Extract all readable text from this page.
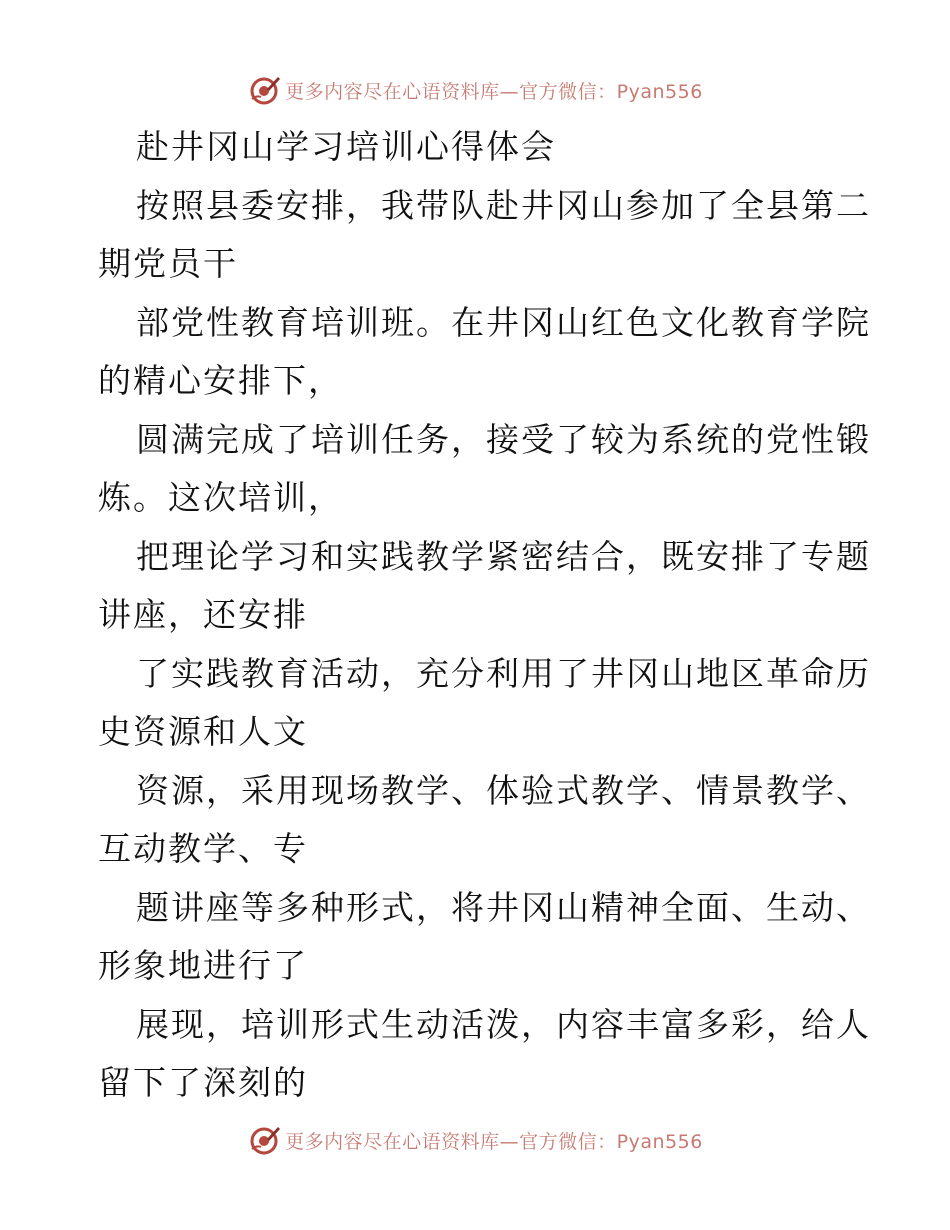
更多内容尽在心语资料库—官方微信：Pyan556
赴井冈山学习培训心得体会
按照县委安排，我带队赴井冈山参加了全县第二
期党员干
部党性教育培训班。在井冈山红色文化教育学院
的精心安排下，
圆满完成了培训任务，接受了较为系统的党性锻
炼。这次培训，
把理论学习和实践教学紧密结合，既安排了专题
讲座，还安排
了实践教育活动，充分利用了井冈山地区革命历
史资源和人文
资源，采用现场教学、体验式教学、情景教学、
互动教学、专
题讲座等多种形式，将井冈山精神全面、生动、
形象地进行了
展现，培训形式生动活泼，内容丰富多彩，给人
留下了深刻的
更多内容尽在心语资料库—官方微信：Pyan556
